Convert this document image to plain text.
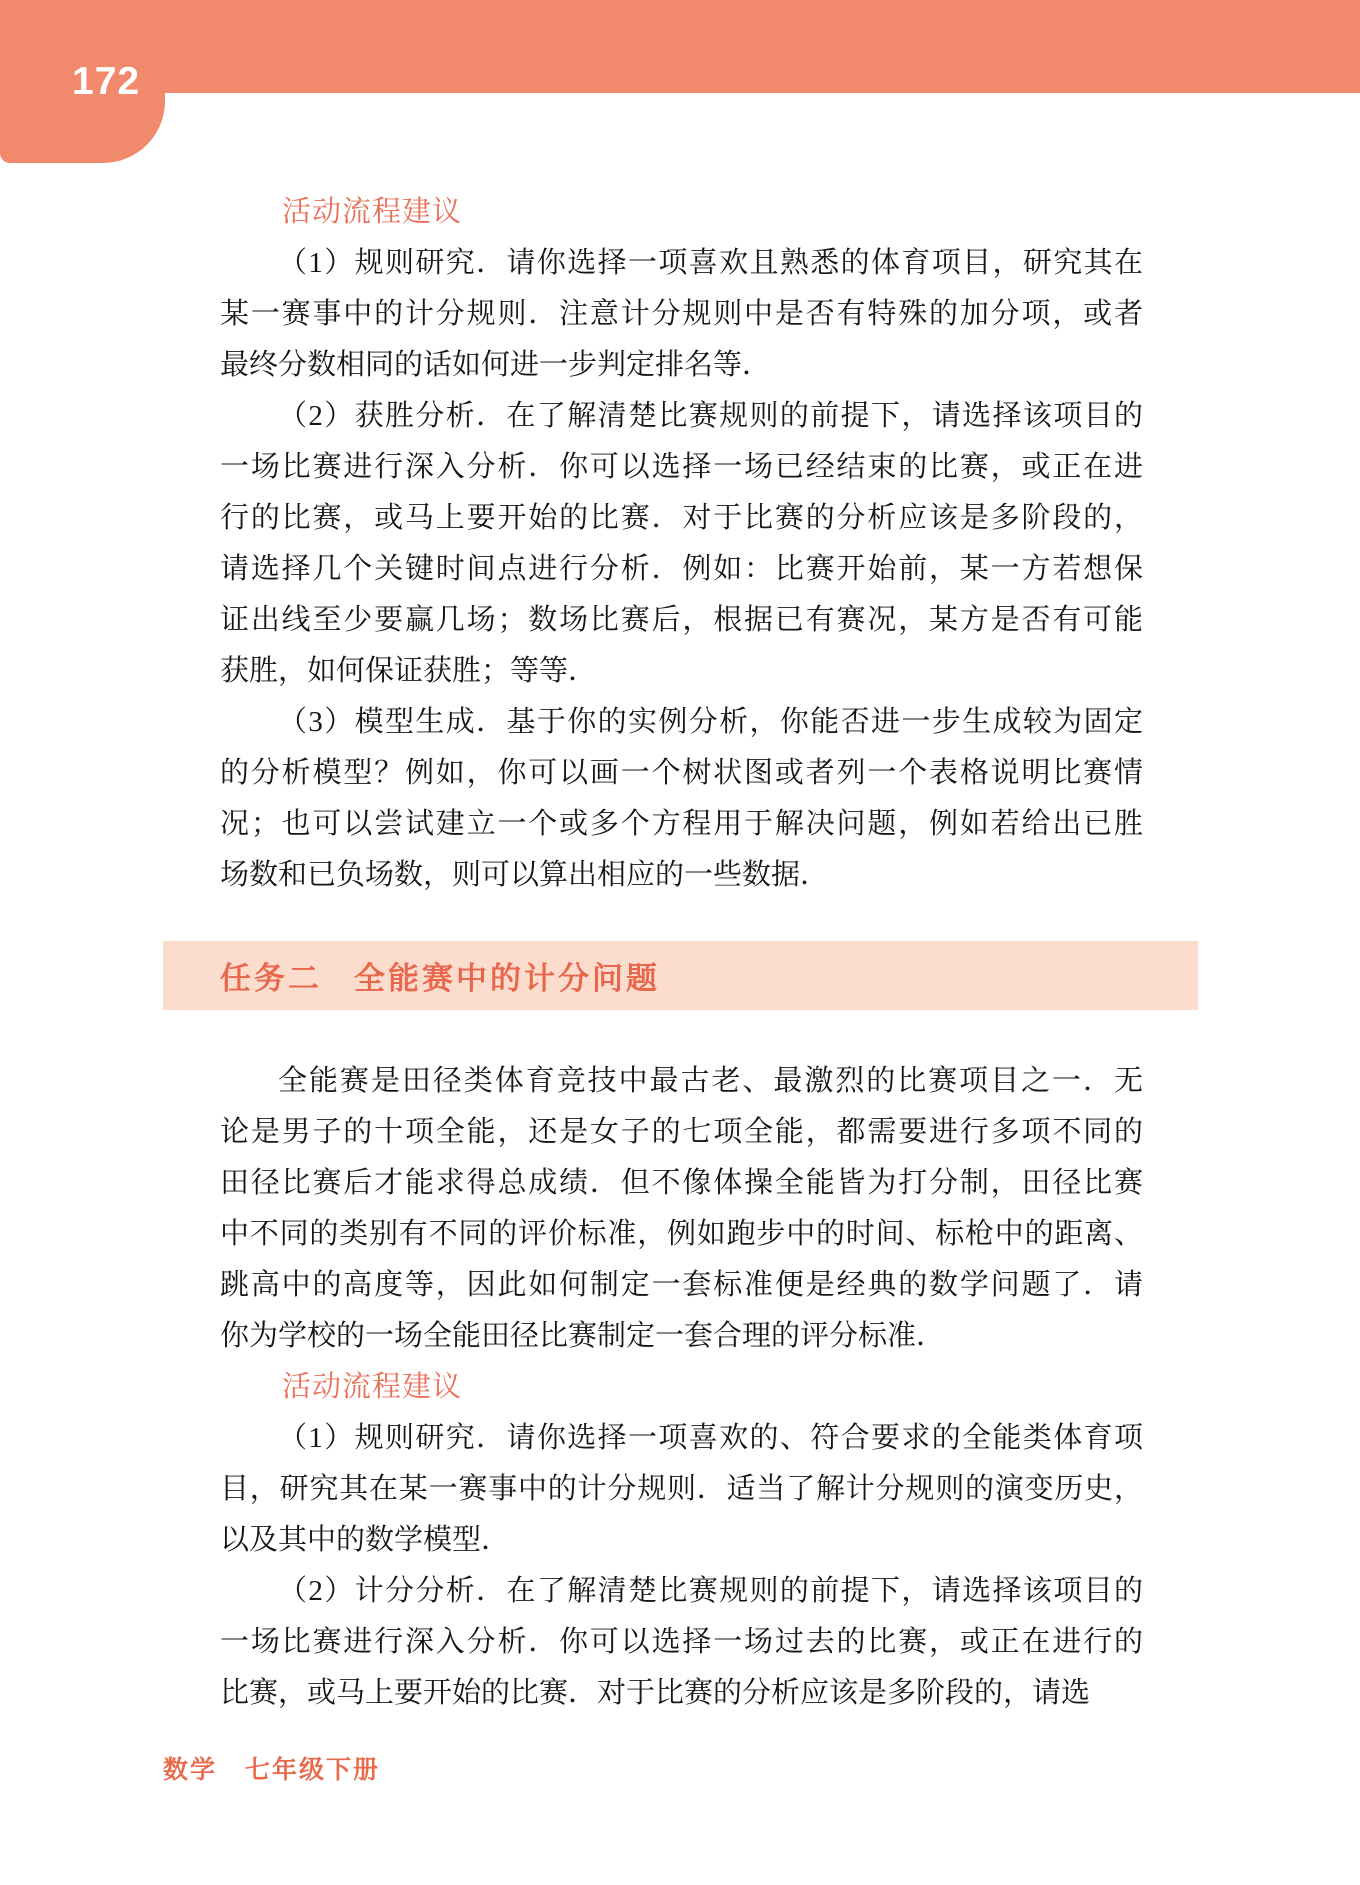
172
活动流程建议
（1）规则研究．请你选择一项喜欢且熟悉的体育项目，研究其在
某一赛事中的计分规则．注意计分规则中是否有特殊的加分项，或者
最终分数相同的话如何进一步判定排名等．
（2）获胜分析．在了解清楚比赛规则的前提下，请选择该项目的
一场比赛进行深入分析．你可以选择一场已经结束的比赛，或正在进
行的比赛，或马上要开始的比赛．对于比赛的分析应该是多阶段的，
请选择几个关键时间点进行分析．例如：比赛开始前，某一方若想保
证出线至少要赢几场；数场比赛后，根据已有赛况，某方是否有可能
获胜，如何保证获胜；等等．
（3）模型生成．基于你的实例分析，你能否进一步生成较为固定
的分析模型？例如，你可以画一个树状图或者列一个表格说明比赛情
况；也可以尝试建立一个或多个方程用于解决问题，例如若给出已胜
场数和已负场数，则可以算出相应的一些数据．
任务二 全能赛中的计分问题
全能赛是田径类体育竞技中最古老、最激烈的比赛项目之一．无
论是男子的十项全能，还是女子的七项全能，都需要进行多项不同的
田径比赛后才能求得总成绩．但不像体操全能皆为打分制，田径比赛
中不同的类别有不同的评价标准，例如跑步中的时间、标枪中的距离、
跳高中的高度等，因此如何制定一套标准便是经典的数学问题了．请
你为学校的一场全能田径比赛制定一套合理的评分标准．
活动流程建议
（1）规则研究．请你选择一项喜欢的、符合要求的全能类体育项
目，研究其在某一赛事中的计分规则．适当了解计分规则的演变历史，
以及其中的数学模型．
（2）计分分析．在了解清楚比赛规则的前提下，请选择该项目的
一场比赛进行深入分析．你可以选择一场过去的比赛，或正在进行的
比赛，或马上要开始的比赛．对于比赛的分析应该是多阶段的，请选
数学 七年级下册
